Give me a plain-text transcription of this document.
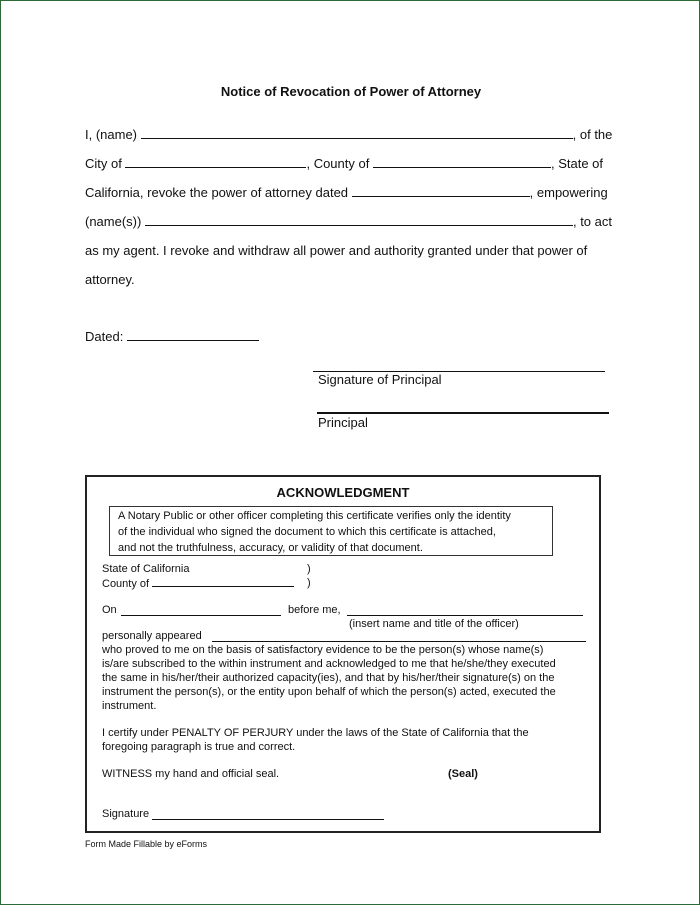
Notice of Revocation of Power of Attorney
I, (name)	, of the
City of	, County of	, State of
California, revoke the power of attorney dated	, empowering
(name(s))	, to act
as my agent. I revoke and withdraw all power and authority granted under that power of
attorney.
Dated:
Signature of Principal
Principal
ACKNOWLEDGMENT
A Notary Public or other officer completing this certificate verifies only the identity
of the individual who signed the document to which this certificate is attached,
and not the truthfulness, accuracy, or validity of that document.
State of California	)
County of	)
On	before me,
(insert name and title of the officer)
personally appeared
who proved to me on the basis of satisfactory evidence to be the person(s) whose name(s)
is/are subscribed to the within instrument and acknowledged to me that he/she/they executed
the same in his/her/their authorized capacity(ies), and that by his/her/their signature(s) on the
instrument the person(s), or the entity upon behalf of which the person(s) acted, executed the
instrument.
I certify under PENALTY OF PERJURY under the laws of the State of California that the
foregoing paragraph is true and correct.
WITNESS my hand and official seal.	(Seal)
Signature
Form Made Fillable by eForms
